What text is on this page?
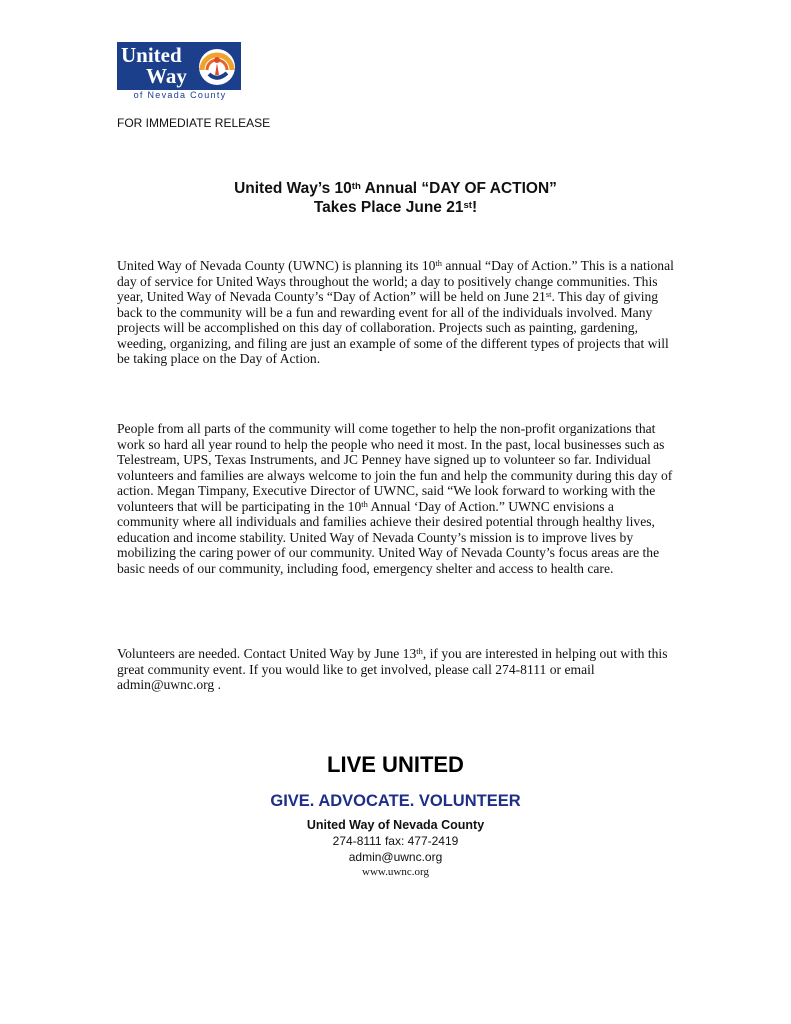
United
Way
of Nevada County
FOR IMMEDIATE RELEASE
United Way’s 10th Annual “DAY OF ACTION”
Takes Place June 21st!

United Way of Nevada County (UWNC) is planning its 10th annual “Day of Action.” This is a national day of service for United Ways throughout the world; a day to positively change communities. This year, United Way of Nevada County’s “Day of Action” will be held on June 21st. This day of giving back to the community will be a fun and rewarding event for all of the individuals involved. Many projects will be accomplished on this day of collaboration. Projects such as painting, gardening, weeding, organizing, and filing are just an example of some of the different types of projects that will be taking place on the Day of Action.

People from all parts of the community will come together to help the non-profit organizations that work so hard all year round to help the people who need it most. In the past, local businesses such as Telestream, UPS, Texas Instruments, and JC Penney have signed up to volunteer so far. Individual volunteers and families are always welcome to join the fun and help the community during this day of action. Megan Timpany, Executive Director of UWNC, said “We look forward to working with the volunteers that will be participating in the 10th Annual ‘Day of Action.” UWNC envisions a community where all individuals and families achieve their desired potential through healthy lives, education and income stability. United Way of Nevada County’s mission is to improve lives by mobilizing the caring power of our community. United Way of Nevada County’s focus areas are the basic needs of our community, including food, emergency shelter and access to health care.

Volunteers are needed. Contact United Way by June 13th, if you are interested in helping out with this great community event. If you would like to get involved, please call 274-8111 or email admin@uwnc.org .

LIVE UNITED
GIVE. ADVOCATE. VOLUNTEER
United Way of Nevada County
274-8111 fax: 477-2419
admin@uwnc.org
www.uwnc.org
